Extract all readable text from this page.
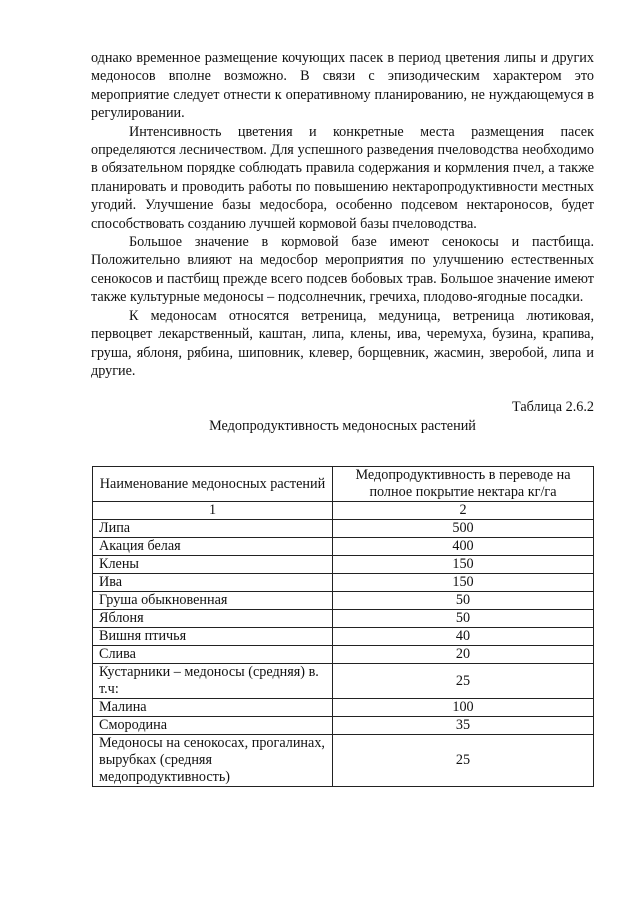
однако временное размещение кочующих пасек в период цветения липы и других медоносов вполне возможно. В связи с эпизодическим характером это мероприятие следует отнести к оперативному планированию, не нуждающемуся в регулировании.

Интенсивность цветения и конкретные места размещения пасек определяются лесничеством. Для успешного разведения пчеловодства необходимо в обязательном порядке соблюдать правила содержания и кормления пчел, а также планировать и проводить работы по повышению нектаропродуктивности местных угодий. Улучшение базы медосбора, особенно подсевом нектароносов, будет способствовать созданию лучшей кормовой базы пчеловодства.

Большое значение в кормовой базе имеют сенокосы и пастбища. Положительно влияют на медосбор мероприятия по улучшению естественных сенокосов и пастбищ прежде всего подсев бобовых трав. Большое значение имеют также культурные медоносы – подсолнечник, гречиха, плодово-ягодные посадки.

К медоносам относятся ветреница, медуница, ветреница лютиковая, первоцвет лекарственный, каштан, липа, клены, ива, черемуха, бузина, крапива, груша, яблоня, рябина, шиповник, клевер, борщевник, жасмин, зверобой, липа и другие.

Таблица 2.6.2
Медопродуктивность медоносных растений
Наименование медоносных растений	Медопродуктивность в переводе на полное покрытие нектара кг/га
1	2
Липа	500
Акация белая	400
Клены	150
Ива	150
Груша обыкновенная	50
Яблоня	50
Вишня птичья	40
Слива	20
Кустарники – медоносы (средняя) в. т.ч:	25
Малина	100
Смородина	35
Медоносы на сенокосах, прогалинах, вырубках (средняя медопродуктивность)	25
